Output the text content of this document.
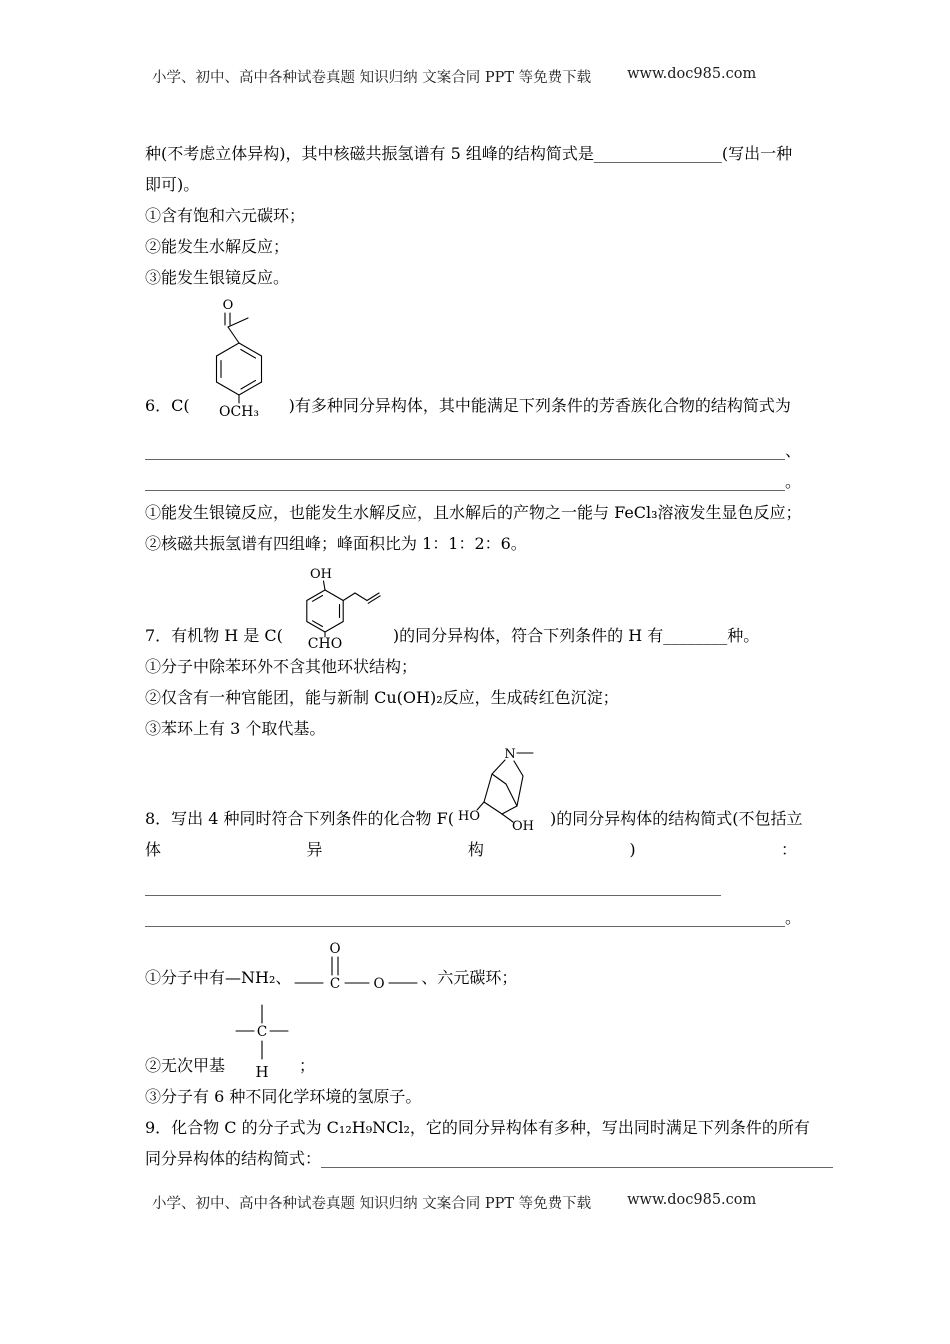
小学、初中、高中各种试卷真题 知识归纳 文案合同 PPT 等免费下载 www.doc985.com

种(不考虑立体异构)，其中核磁共振氢谱有 5 组峰的结构简式是________________(写出一种

即可)。

①含有饱和六元碳环；

②能发生水解反应；

③能发生银镜反应。

6．C(
O
OCH₃ )有多种同分异构体，其中能满足下列条件的芳香族化合物的结构简式为

________________________________________________________________________________、

________________________________________________________________________________。

①能发生银镜反应，也能发生水解反应，且水解后的产物之一能与 FeCl₃溶液发生显色反应；

②核磁共振氢谱有四组峰；峰面积比为 1：1：2：6。

7．有机物 H 是 C(
OH
CHO	)的同分异构体，符合下列条件的 H 有________种。

①分子中除苯环外不含其他环状结构；

②仅含有一种官能团，能与新制 Cu(OH)₂反应，生成砖红色沉淀；

③苯环上有 3 个取代基。

8．写出 4 种同时符合下列条件的化合物 F(
N
HO
OH )的同分异构体的结构简式(不包括立
体	异	构	)	：

________________________________________________________________________

________________________________________________________________________________。

①分子中有—NH₂、
O
C O 、六元碳环；
②无次甲基
C
H ；

③分子有 6 种不同化学环境的氢原子。

9．化合物 C 的分子式为 C₁₂H₉NCl₂，它的同分异构体有多种，写出同时满足下列条件的所有

同分异构体的结构简式：________________________________________________________________

小学、初中、高中各种试卷真题 知识归纳 文案合同 PPT 等免费下载 www.doc985.com
